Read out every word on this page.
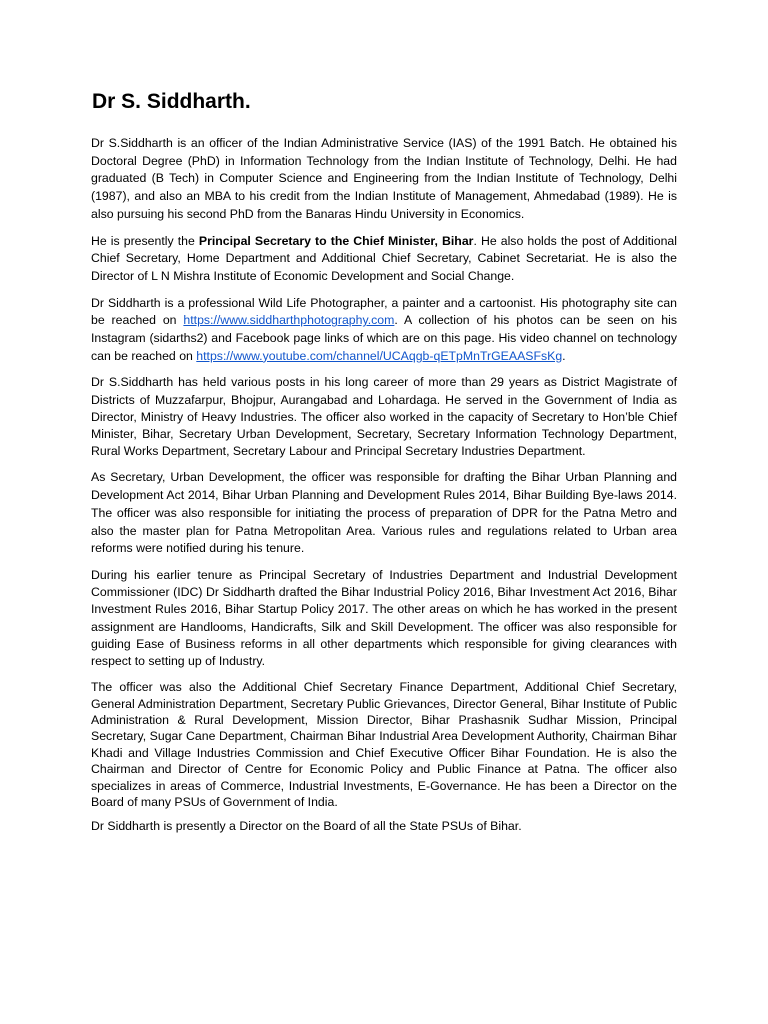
Dr S. Siddharth.

Dr S.Siddharth is an officer of the Indian Administrative Service (IAS) of the 1991 Batch. He obtained his Doctoral Degree (PhD) in Information Technology from the Indian Institute of Technology, Delhi. He had graduated (B Tech) in Computer Science and Engineering from the Indian Institute of Technology, Delhi (1987), and also an MBA to his credit from the Indian Institute of Management, Ahmedabad (1989). He is also pursuing his second PhD from the Banaras Hindu University in Economics.

He is presently the Principal Secretary to the Chief Minister, Bihar. He also holds the post of Additional Chief Secretary, Home Department and Additional Chief Secretary, Cabinet Secretariat. He is also the Director of L N Mishra Institute of Economic Development and Social Change.

Dr Siddharth is a professional Wild Life Photographer, a painter and a cartoonist. His photography site can be reached on https://www.siddharthphotography.com. A collection of his photos can be seen on his Instagram (sidarths2) and Facebook page links of which are on this page. His video channel on technology can be reached on https://www.youtube.com/channel/UCAqgb-qETpMnTrGEAASFsKg.

Dr S.Siddharth has held various posts in his long career of more than 29 years as District Magistrate of Districts of Muzzafarpur, Bhojpur, Aurangabad and Lohardaga. He served in the Government of India as Director, Ministry of Heavy Industries. The officer also worked in the capacity of Secretary to Hon’ble Chief Minister, Bihar, Secretary Urban Development, Secretary, Secretary Information Technology Department, Rural Works Department, Secretary Labour and Principal Secretary Industries Department.

As Secretary, Urban Development, the officer was responsible for drafting the Bihar Urban Planning and Development Act 2014, Bihar Urban Planning and Development Rules 2014, Bihar Building Bye-laws 2014. The officer was also responsible for initiating the process of preparation of DPR for the Patna Metro and also the master plan for Patna Metropolitan Area. Various rules and regulations related to Urban area reforms were notified during his tenure.

During his earlier tenure as Principal Secretary of Industries Department and Industrial Development Commissioner (IDC) Dr Siddharth drafted the Bihar Industrial Policy 2016, Bihar Investment Act 2016, Bihar Investment Rules 2016, Bihar Startup Policy 2017. The other areas on which he has worked in the present assignment are Handlooms, Handicrafts, Silk and Skill Development. The officer was also responsible for guiding Ease of Business reforms in all other departments which responsible for giving clearances with respect to setting up of Industry.

The officer was also the Additional Chief Secretary Finance Department, Additional Chief Secretary, General Administration Department, Secretary Public Grievances, Director General, Bihar Institute of Public Administration & Rural Development, Mission Director, Bihar Prashasnik Sudhar Mission, Principal Secretary, Sugar Cane Department, Chairman Bihar Industrial Area Development Authority, Chairman Bihar Khadi and Village Industries Commission and Chief Executive Officer Bihar Foundation. He is also the Chairman and Director of Centre for Economic Policy and Public Finance at Patna. The officer also specializes in areas of Commerce, Industrial Investments, E-Governance. He has been a Director on the Board of many PSUs of Government of India.

Dr Siddharth is presently a Director on the Board of all the State PSUs of Bihar.
